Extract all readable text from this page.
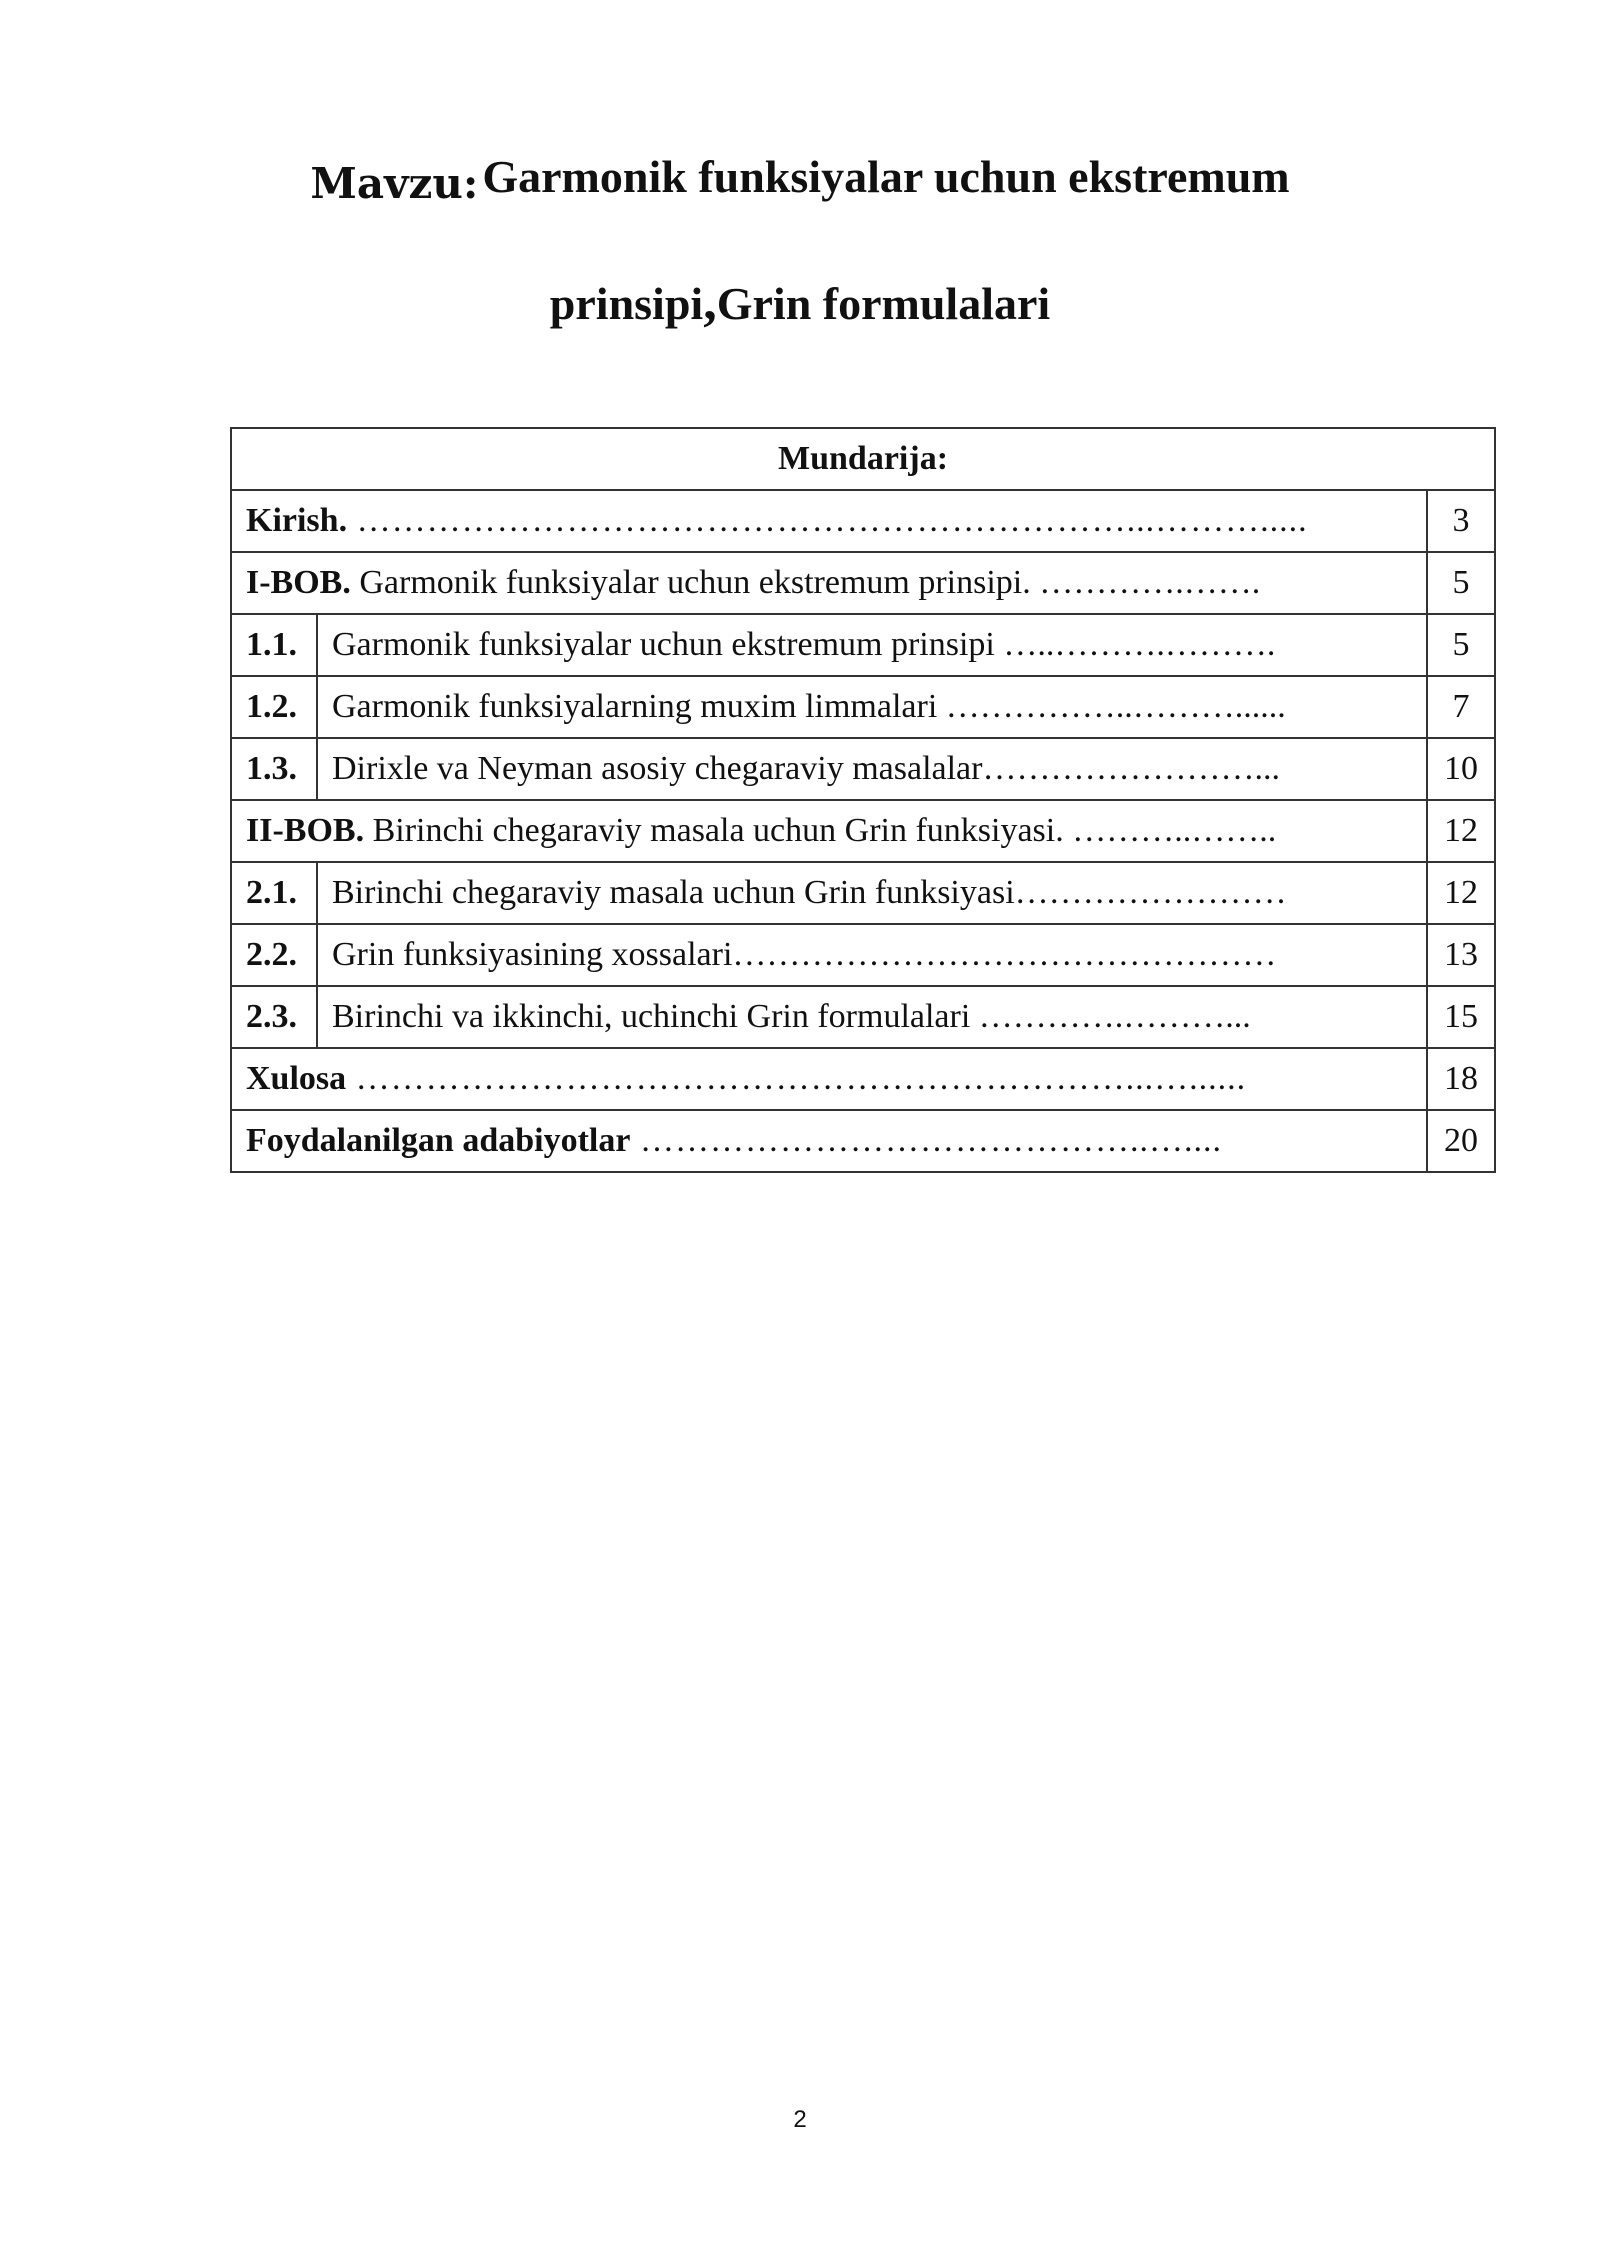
Mavzu: Garmonik funksiyalar uchun ekstremum
prinsipi,Grin formulalari
Mundarija:		
Kirish. …………………………………………………………...……….....		3
I-BOB. Garmonik funksiyalar uchun ekstremum prinsipi. ………….…….		5
1.1.	Garmonik funksiyalar uchun ekstremum prinsipi …..……….……….	5
1.2.	Garmonik funksiyalarning muxim limmalari ……………..………......	7
1.3.	Dirixle va Neyman asosiy chegaraviy masalalar……………………...	10
II-BOB. Birinchi chegaraviy masala uchun Grin funksiyasi. ………..……..		12
2.1.	Birinchi chegaraviy masala uchun Grin funksiyasi……………………	12
2.2.	Grin funksiyasining xossalari…………………………………………	13
2.3.	Birinchi va ikkinchi, uchinchi Grin formulalari ………….………...	15
Xulosa …………………………………………………………...…......		18
Foydalanilgan adabiyotlar ……………………………………..…....		20
2
